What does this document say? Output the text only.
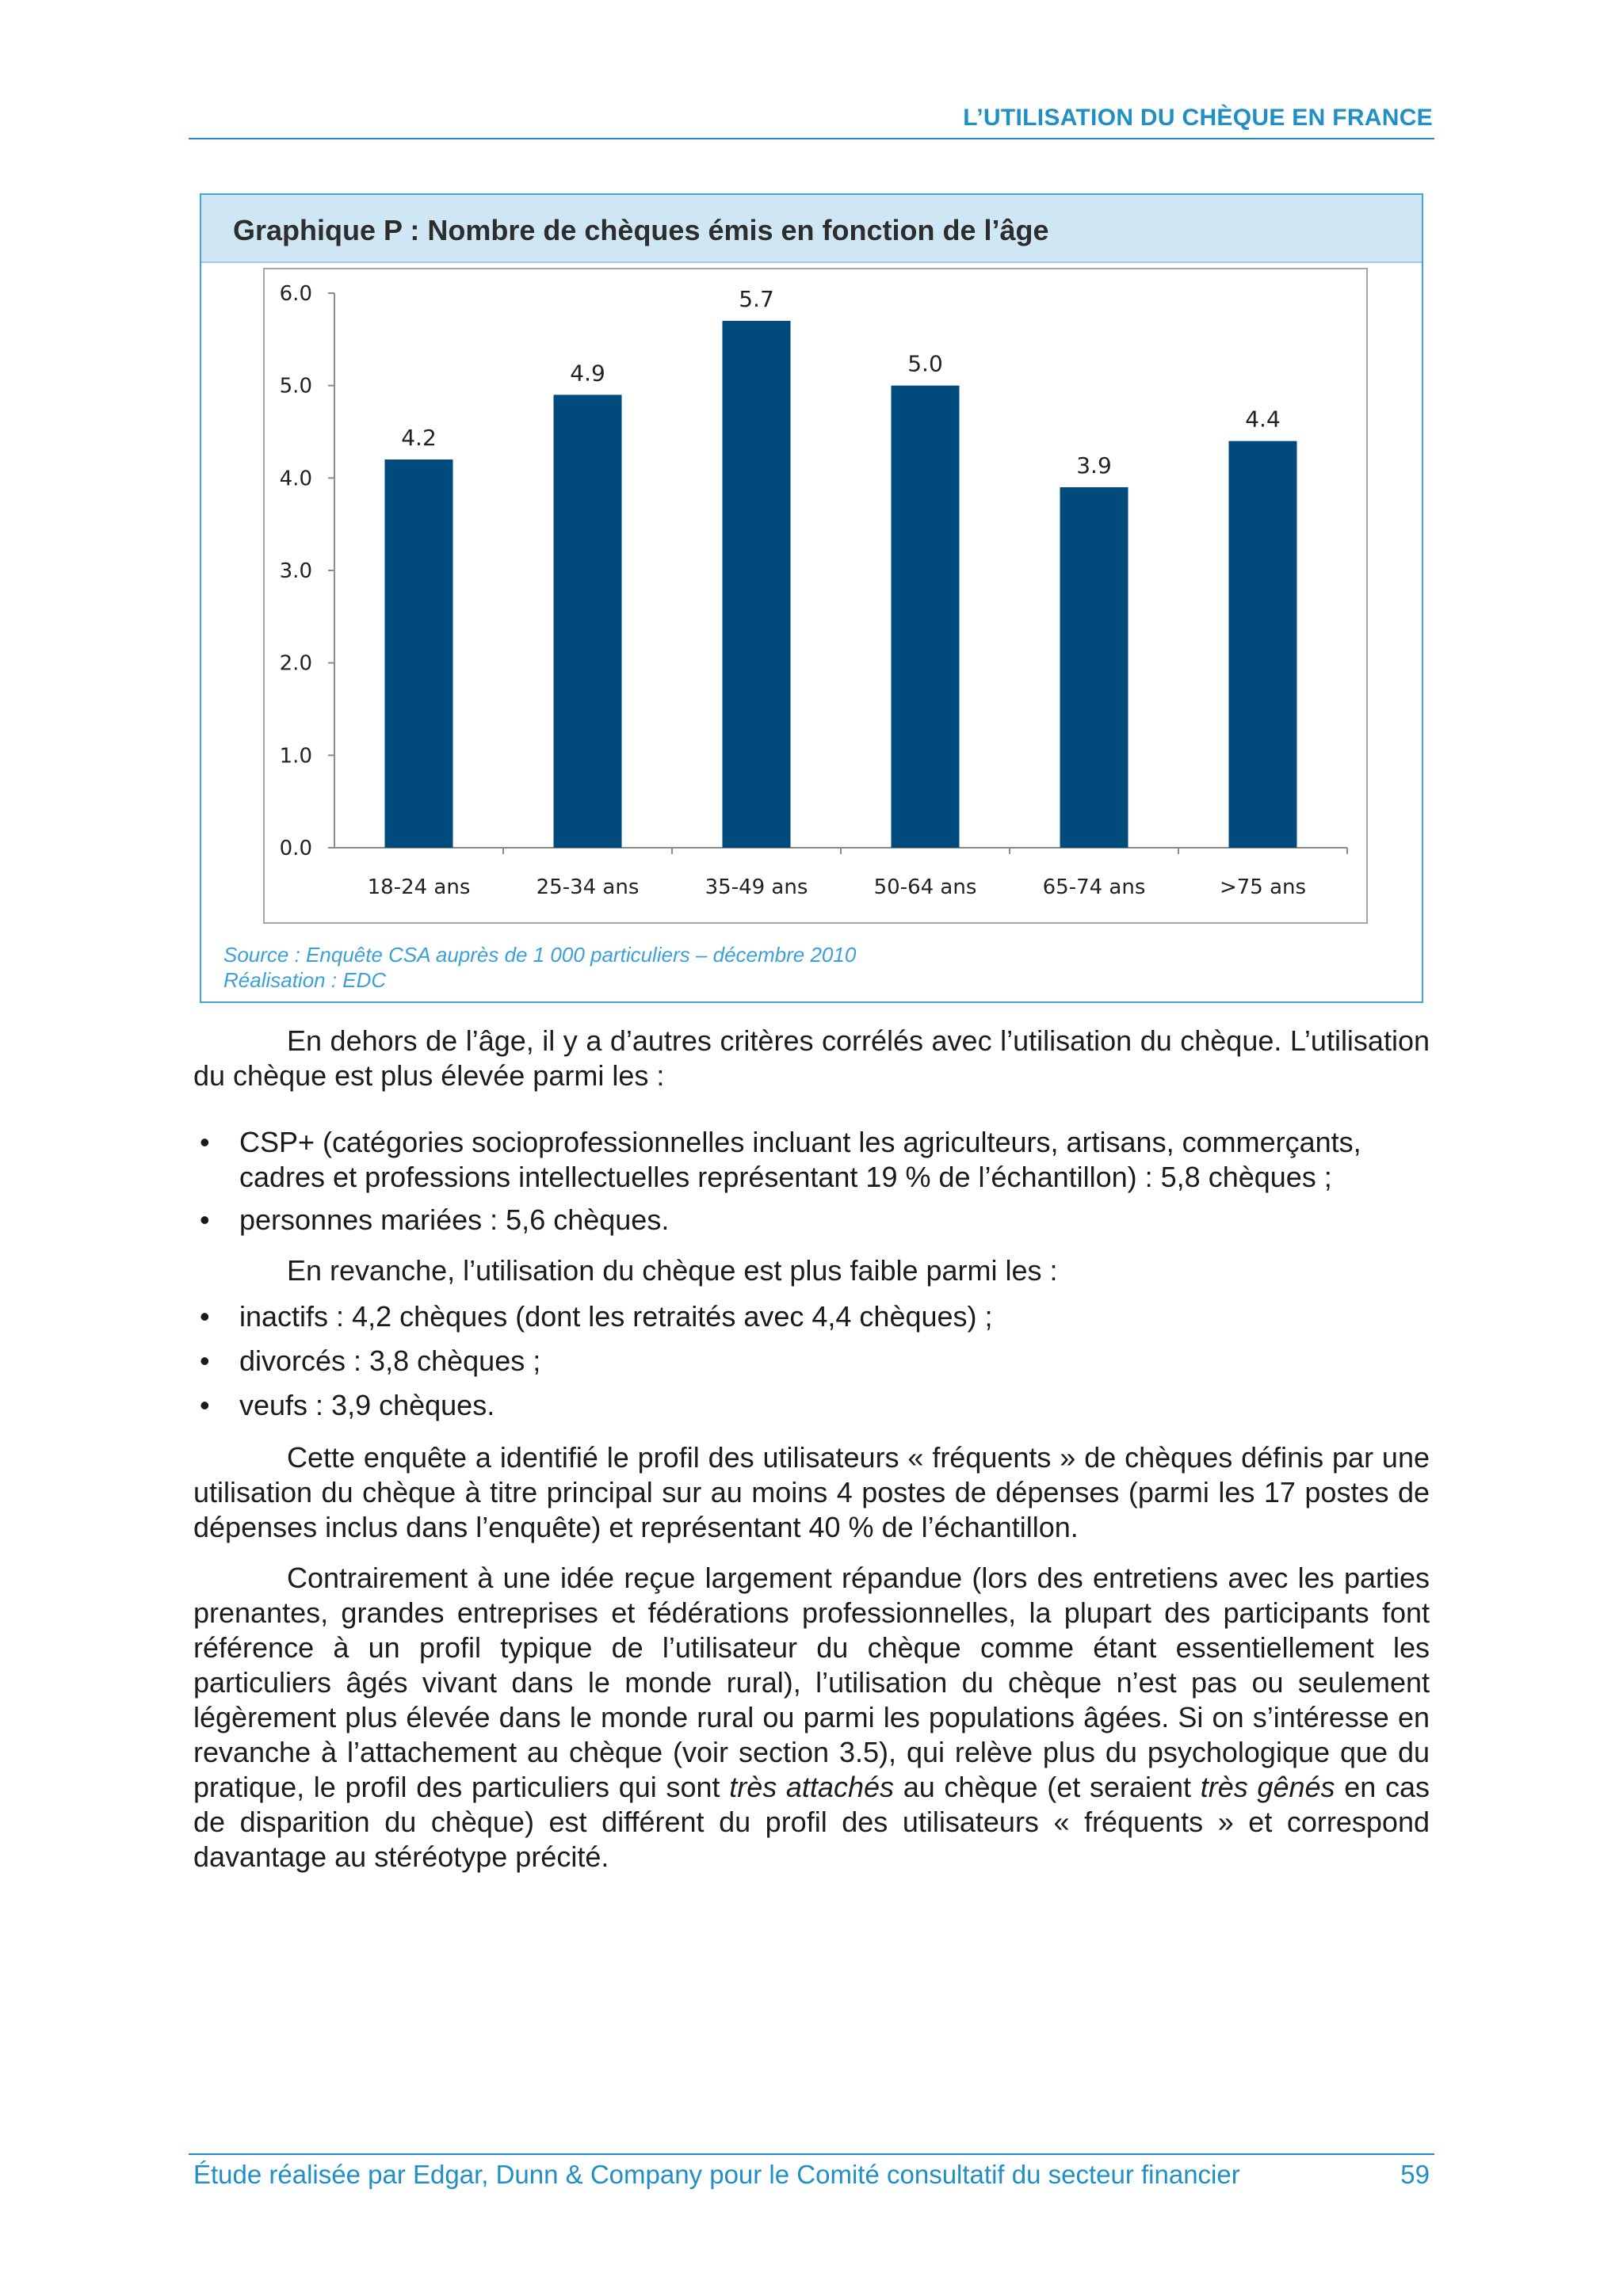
L’UTILISATION DU CHÈQUE EN FRANCE
Graphique P : Nombre de chèques émis en fonction de l’âge
0.0
1.0
2.0
3.0
4.0
5.0
6.0
4.2
18-24 ans
4.9
25-34 ans
5.7
35-49 ans
5.0
50-64 ans
3.9
65-74 ans
4.4
>75 ans
Source : Enquête CSA auprès de 1 000 particuliers – décembre 2010
Réalisation : EDC

En dehors de l’âge, il y a d’autres critères corrélés avec l’utilisation du chèque. L’utilisation du chèque est plus élevée parmi les :

• CSP+ (catégories socioprofessionnelles incluant les agriculteurs, artisans, commerçants, cadres et professions intellectuelles représentant 19 % de l’échantillon) : 5,8 chèques ;
• personnes mariées : 5,6 chèques.

En revanche, l’utilisation du chèque est plus faible parmi les :

• inactifs : 4,2 chèques (dont les retraités avec 4,4 chèques) ;
• divorcés : 3,8 chèques ;
• veufs : 3,9 chèques.

Cette enquête a identifié le profil des utilisateurs « fréquents » de chèques définis par une utilisation du chèque à titre principal sur au moins 4 postes de dépenses (parmi les 17 postes de dépenses inclus dans l’enquête) et représentant 40 % de l’échantillon.

Contrairement à une idée reçue largement répandue (lors des entretiens avec les parties prenantes, grandes entreprises et fédérations professionnelles, la plupart des participants font référence à un profil typique de l’utilisateur du chèque comme étant essentiellement les particuliers âgés vivant dans le monde rural), l’utilisation du chèque n’est pas ou seulement légèrement plus élevée dans le monde rural ou parmi les populations âgées. Si on s’intéresse en revanche à l’attachement au chèque (voir section 3.5), qui relève plus du psychologique que du pratique, le profil des particuliers qui sont très attachés au chèque (et seraient très gênés en cas de disparition du chèque) est différent du profil des utilisateurs « fréquents » et correspond davantage au stéréotype précité.

Étude réalisée par Edgar, Dunn & Company pour le Comité consultatif du secteur financier	59
